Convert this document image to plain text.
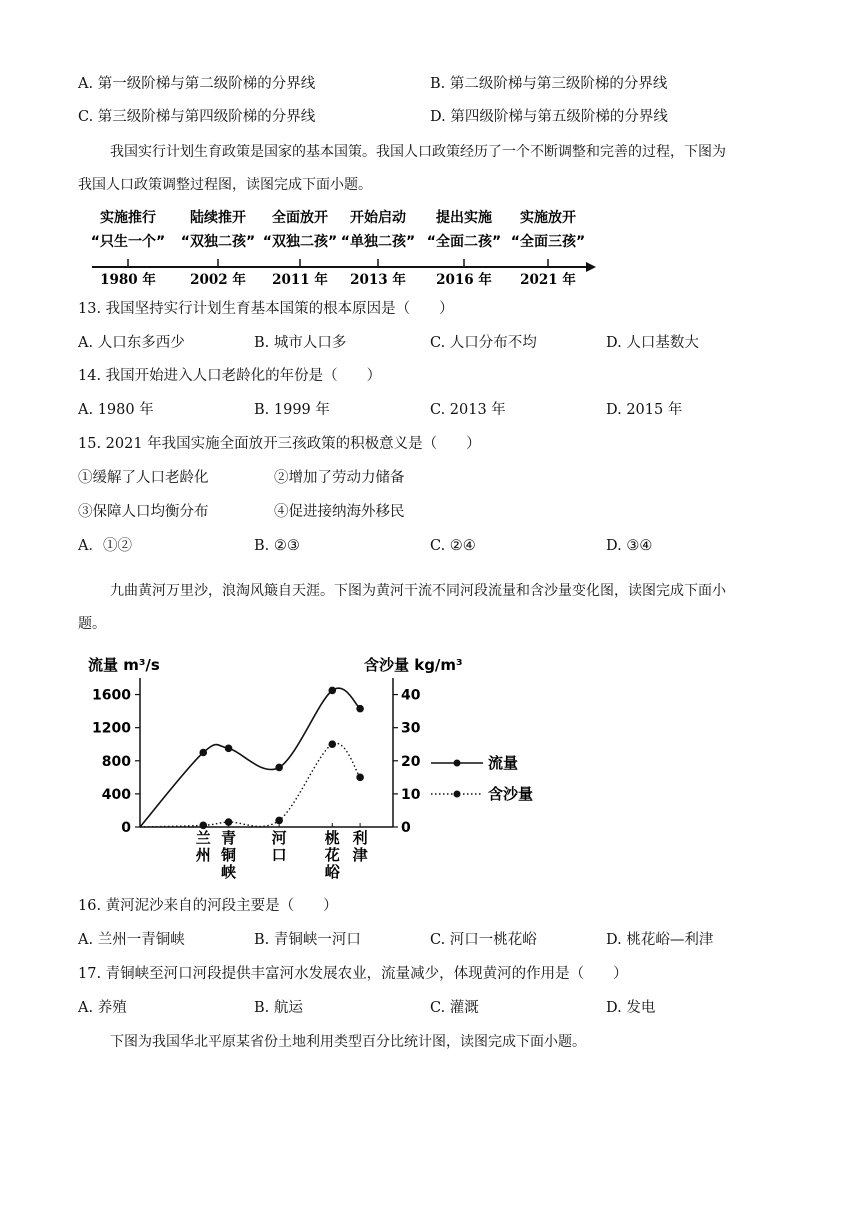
A. 第一级阶梯与第二级阶梯的分界线	B. 第二级阶梯与第三级阶梯的分界线
C. 第三级阶梯与第四级阶梯的分界线	D. 第四级阶梯与第五级阶梯的分界线
我国实行计划生育政策是国家的基本国策。我国人口政策经历了一个不断调整和完善的过程，下图为
我国人口政策调整过程图，读图完成下面小题。
实施推行
“只生一个”
1980 年
陆续推开
“双独二孩”
2002 年
全面放开
“双独二孩”
2011 年
开始启动
“单独二孩”
2013 年
提出实施
“全面二孩”
2016 年
实施放开
“全面三孩”
2021 年
13. 我国坚持实行计划生育基本国策的根本原因是（　　）
A. 人口东多西少	B. 城市人口多	C. 人口分布不均	D. 人口基数大
14. 我国开始进入人口老龄化的年份是（　　）
A. 1980 年	B. 1999 年	C. 2013 年	D. 2015 年
15. 2021 年我国实施全面放开三孩政策的积极意义是（　　）
①缓解了人口老龄化	②增加了劳动力储备
③保障人口均衡分布	④促进接纳海外移民
A．①②	B. ②③	C. ②④	D. ③④
九曲黄河万里沙，浪淘风簸自天涯。下图为黄河干流不同河段流量和含沙量变化图，读图完成下面小
题。
流量 m³/s	含沙量 kg/m³
1600
1200
800
400
0
40
30
20
10
0
兰州
青铜峡
河口
桃花峪
利津
流量
含沙量
16. 黄河泥沙来自的河段主要是（　　）
A. 兰州一青铜峡	B. 青铜峡一河口	C. 河口一桃花峪	D. 桃花峪—利津
17. 青铜峡至河口河段提供丰富河水发展农业，流量减少，体现黄河的作用是（　　）
A. 养殖	B. 航运	C. 灌溉	D. 发电
下图为我国华北平原某省份土地利用类型百分比统计图，读图完成下面小题。
